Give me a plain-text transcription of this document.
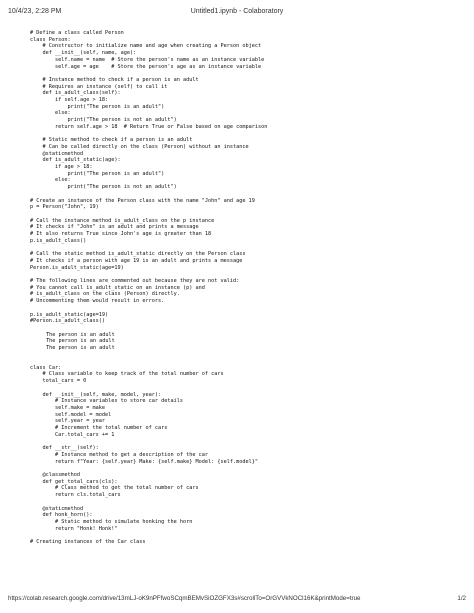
10/4/23, 2:28 PM	Untitled1.ipynb - Colaboratory
# Define a class called Person
class Person:
# Constructor to initialize name and age when creating a Person object
def __init__(self, name, age):
self.name = name  # Store the person's name as an instance variable
self.age = age    # Store the person's age as an instance variable

# Instance method to check if a person is an adult
# Requires an instance (self) to call it
def is_adult_class(self):
if self.age > 18:
print("The person is an adult")
else:
print("The person is not an adult")
return self.age > 18  # Return True or False based on age comparison

# Static method to check if a person is an adult
# Can be called directly on the class (Person) without an instance
@staticmethod
def is_adult_static(age):
if age > 18:
print("The person is an adult")
else:
print("The person is not an adult")

# Create an instance of the Person class with the name "John" and age 19
p = Person("John", 19)

# Call the instance method is_adult_class on the p instance
# It checks if "John" is an adult and prints a message
# It also returns True since John's age is greater than 18
p.is_adult_class()

# Call the static method is_adult_static directly on the Person class
# It checks if a person with age 19 is an adult and prints a message
Person.is_adult_static(age=19)

# The following lines are commented out because they are not valid:
# You cannot call is_adult_static on an instance (p) and
# is_adult_class on the class (Person) directly.
# Uncommenting them would result in errors.

p.is_adult_static(age=19)
#Person.is_adult_class()
The person is an adult
The person is an adult
The person is an adult
class Car:
# Class variable to keep track of the total number of cars
total_cars = 0

def __init__(self, make, model, year):
# Instance variables to store car details
self.make = make
self.model = model
self.year = year
# Increment the total number of cars
Car.total_cars += 1

def __str__(self):
# Instance method to get a description of the car
return f"Year: {self.year} Make: {self.make} Model: {self.model}"

@classmethod
def get_total_cars(cls):
# Class method to get the total number of cars
return cls.total_cars

@staticmethod
def honk_horn():
# Static method to simulate honking the horn
return "Honk! Honk!"

# Creating instances of the Car class
https://colab.research.google.com/drive/13mLJ-oK9nPFfwoSCqmBEMvSiOZGFX3s#scrollTo=OrGVVkNOCl16K&printMode=true	1/2
